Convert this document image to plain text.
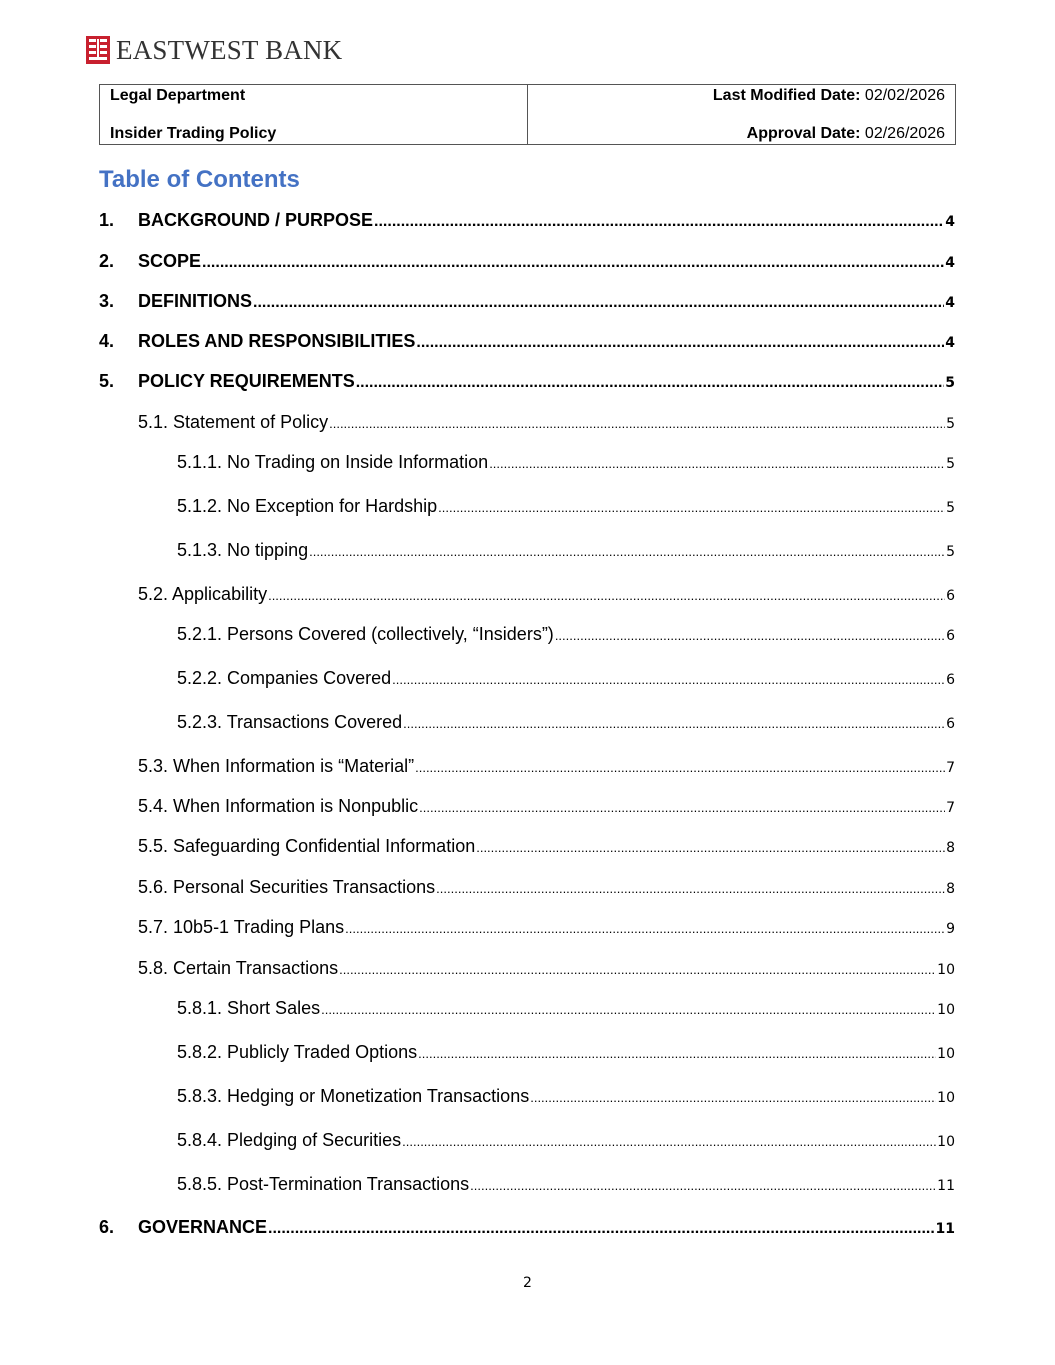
EASTWEST BANK
Legal Department
Insider Trading Policy
Last Modified Date: 02/02/2026
Approval Date: 02/26/2026
Table of Contents
1.	BACKGROUND / PURPOSE .....	4
2.	SCOPE .....	4
3.	DEFINITIONS .....	4
4.	ROLES AND RESPONSIBILITIES .....	4
5.	POLICY REQUIREMENTS .....	5
5.1. Statement of Policy .....	5
5.1.1. No Trading on Inside Information .....	5
5.1.2. No Exception for Hardship .....	5
5.1.3. No tipping .....	5
5.2. Applicability .....	6
5.2.1. Persons Covered (collectively, “Insiders”) .....	6
5.2.2. Companies Covered .....	6
5.2.3. Transactions Covered .....	6
5.3. When Information is “Material” .....	7
5.4. When Information is Nonpublic .....	7
5.5. Safeguarding Confidential Information .....	8
5.6. Personal Securities Transactions .....	8
5.7. 10b5-1 Trading Plans .....	9
5.8. Certain Transactions .....	10
5.8.1. Short Sales .....	10
5.8.2. Publicly Traded Options .....	10
5.8.3. Hedging or Monetization Transactions .....	10
5.8.4. Pledging of Securities .....	10
5.8.5. Post-Termination Transactions .....	11
6.	GOVERNANCE .....	11
2
